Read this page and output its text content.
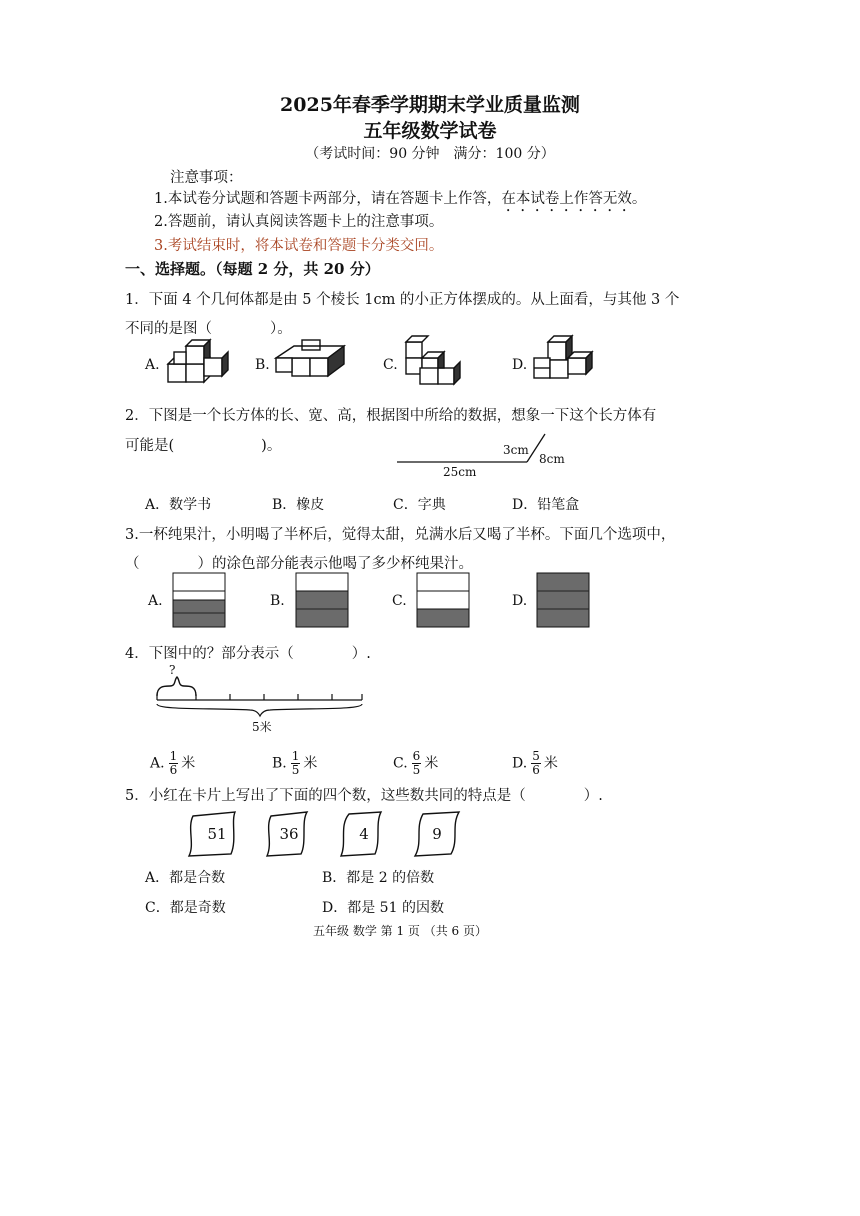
2025年春季学期期末学业质量监测
五年级数学试卷
（考试时间：90 分钟　满分：100 分）
注意事项：
1.本试卷分试题和答题卡两部分，请在答题卡上作答，在本试卷上作答无效。
2.答题前，请认真阅读答题卡上的注意事项。
3.考试结束时，将本试卷和答题卡分类交回。
一、选择题。（每题 2 分，共 20 分）
1．下面 4 个几何体都是由 5 个棱长 1cm 的小正方体摆成的。从上面看，与其他 3 个
不同的是图（　　　　）。
A.	B.	C.	D.
2．下图是一个长方体的长、宽、高，根据图中所给的数据，想象一下这个长方体有
可能是(　　　　　　)。	3cm
8cm
25cm
A．数学书	B．橡皮	C．字典	D．铅笔盒
3.一杯纯果汁，小明喝了半杯后，觉得太甜，兑满水后又喝了半杯。下面几个选项中，
（　　　　）的涂色部分能表示他喝了多少杯纯果汁。
A.	B.	C.	D.
4．下图中的？部分表示（　　　　）.
?
5米
A. $\frac{1}{6}$ 米	B. $\frac{1}{5}$ 米	C. $\frac{6}{5}$ 米	D. $\frac{5}{6}$ 米
5．小红在卡片上写出了下面的四个数，这些数共同的特点是（　　　　）.
51	36	4	9
A．都是合数	B．都是 2 的倍数
C．都是奇数	D．都是 51 的因数
五年级 数学 第 1 页 （共 6 页）
